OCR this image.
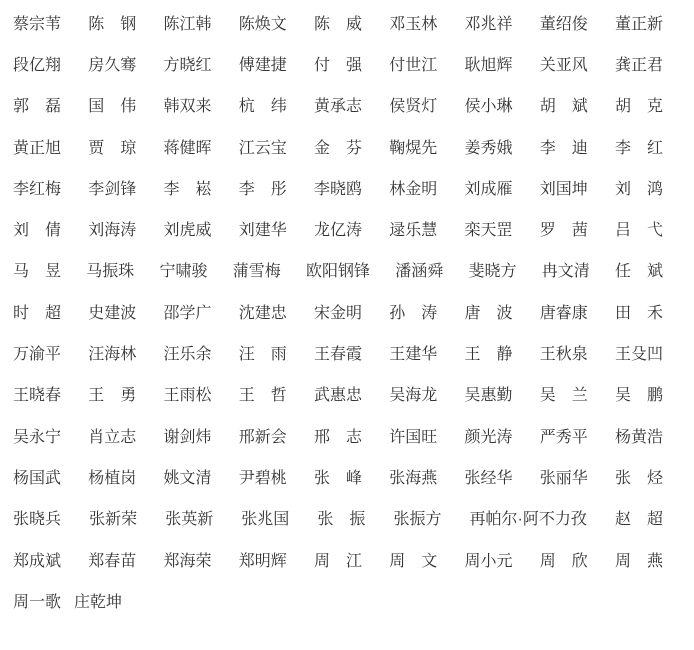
蔡宗苇 陈钢 陈江韩 陈焕文 陈威 邓玉林 邓兆祥 董绍俊 董正新
段亿翔 房久骞 方晓红 傅建捷 付强 付世江 耿旭辉 关亚风 龚正君
郭磊 国伟 韩双来 杭纬 黄承志 侯贤灯 侯小琳 胡斌 胡克
黄正旭 贾琼 蒋健晖 江云宝 金芬 鞠熀先 姜秀娥 李迪 李红
李红梅 李剑锋 李崧 李彤 李晓鸥 林金明 刘成雁 刘国坤 刘鸿
刘倩 刘海涛 刘虎威 刘建华 龙亿涛 逯乐慧 栾天罡 罗茜 吕弋
马昱 马振珠 宁啸骏 蒲雪梅 欧阳钢锋 潘涵舜 斐晓方 冉文清 任斌
时超 史建波 邵学广 沈建忠 宋金明 孙涛 唐波 唐睿康 田禾
万渝平 汪海林 汪乐余 汪雨 王春霞 王建华 王静 王秋泉 王殳凹
王晓春 王勇 王雨松 王哲 武惠忠 吴海龙 吴惠勤 吴兰 吴鹏
吴永宁 肖立志 谢剑炜 邢新会 邢志 许国旺 颜光涛 严秀平 杨黄浩
杨国武 杨植岗 姚文清 尹碧桃 张峰 张海燕 张经华 张丽华 张烃
张晓兵 张新荣 张英新 张兆国 张振 张振方 再帕尔·阿不力孜 赵超
郑成斌 郑春苗 郑海荣 郑明辉 周江 周文 周小元 周欣 周燕
周一歌 庄乾坤
